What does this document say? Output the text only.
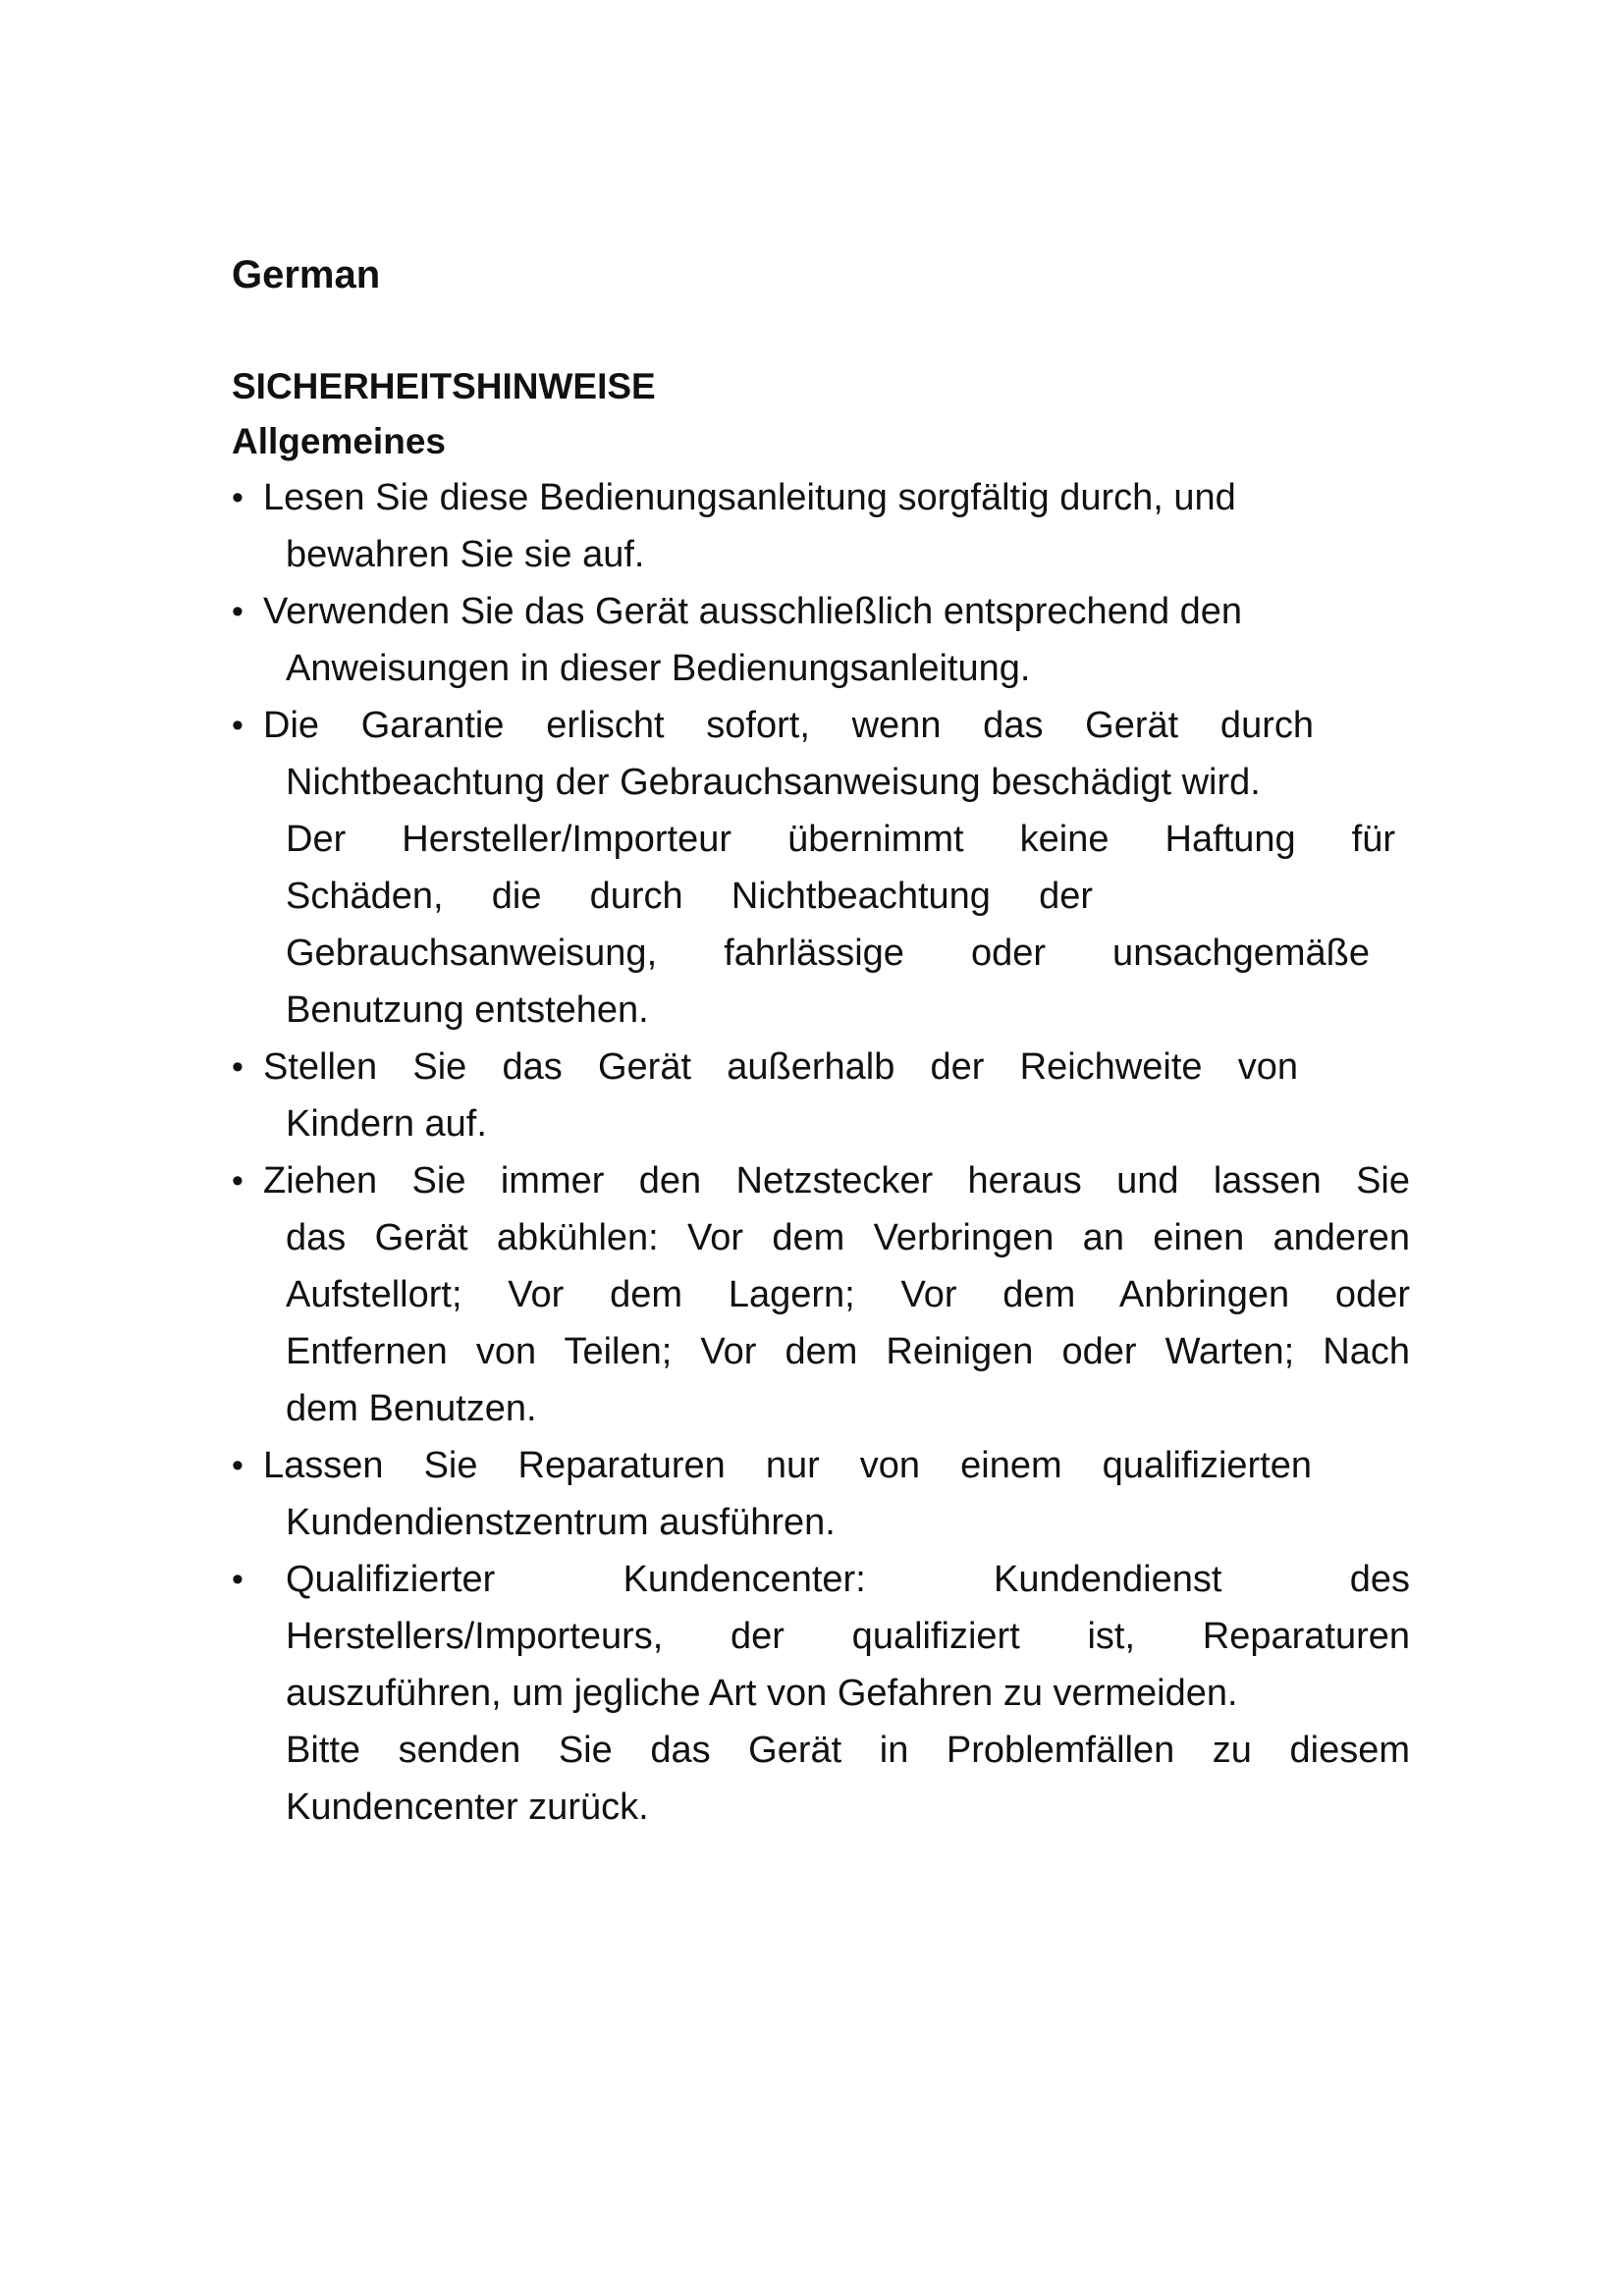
German
SICHERHEITSHINWEISE
Allgemeines
• Lesen Sie diese Bedienungsanleitung sorgfältig durch, und
bewahren Sie sie auf.
• Verwenden Sie das Gerät ausschließlich entsprechend den
Anweisungen in dieser Bedienungsanleitung.
• Die Garantie erlischt sofort, wenn das Gerät durch
Nichtbeachtung der Gebrauchsanweisung beschädigt wird.
Der Hersteller/Importeur übernimmt keine Haftung für
Schäden, die durch Nichtbeachtung der
Gebrauchsanweisung, fahrlässige oder unsachgemäße
Benutzung entstehen.
• Stellen Sie das Gerät außerhalb der Reichweite von
Kindern auf.
• Ziehen Sie immer den Netzstecker heraus und lassen Sie
das Gerät abkühlen: Vor dem Verbringen an einen anderen
Aufstellort; Vor dem Lagern; Vor dem Anbringen oder
Entfernen von Teilen; Vor dem Reinigen oder Warten; Nach
dem Benutzen.
• Lassen Sie Reparaturen nur von einem qualifizierten
Kundendienstzentrum ausführen.
•	Qualifizierter Kundencenter: Kundendienst des
Herstellers/Importeurs, der qualifiziert ist, Reparaturen
auszuführen, um jegliche Art von Gefahren zu vermeiden.
Bitte senden Sie das Gerät in Problemfällen zu diesem
Kundencenter zurück.
